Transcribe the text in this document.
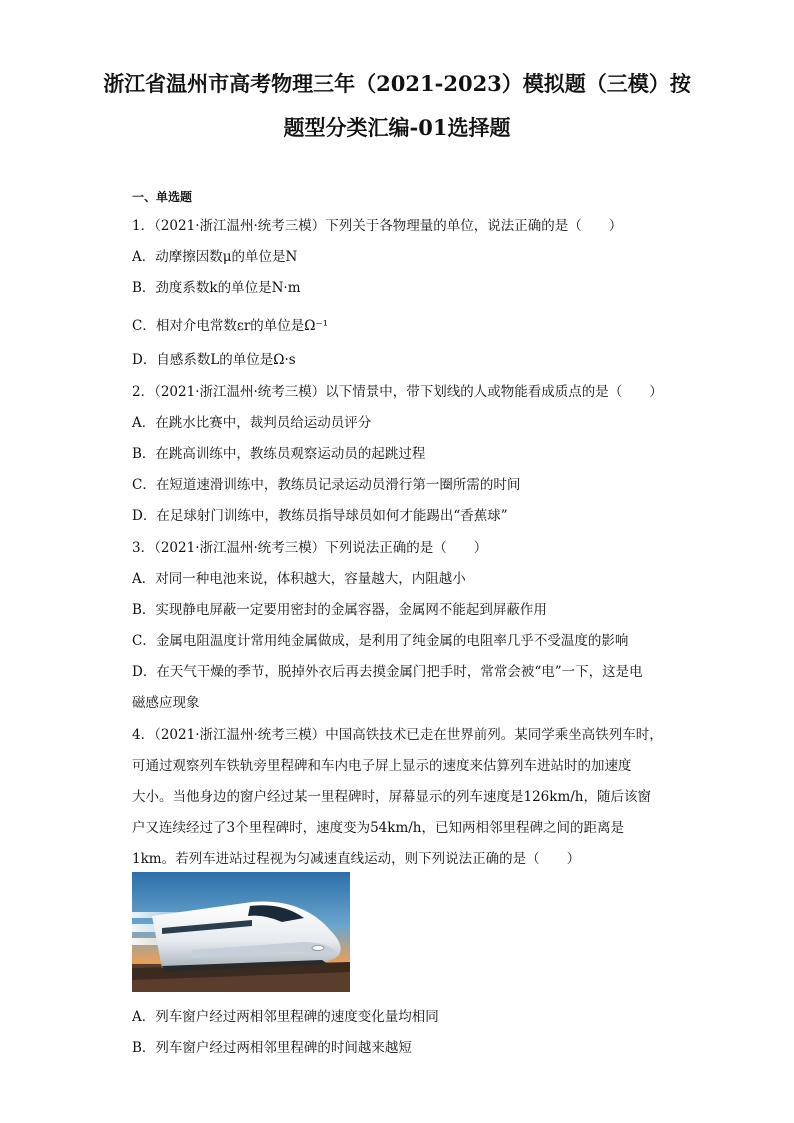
浙江省温州市高考物理三年（2021-2023）模拟题（三模）按
题型分类汇编-01选择题
一、单选题
1．（2021·浙江温州·统考三模）下列关于各物理量的单位，说法正确的是（　　）
A．动摩擦因数μ的单位是N
B．劲度系数k的单位是N·m
C．相对介电常数εr的单位是Ω⁻¹
D．自感系数L的单位是Ω·s
2．（2021·浙江温州·统考三模）以下情景中，带下划线的人或物能看成质点的是（　　）
A．在跳水比赛中，裁判员给运动员评分
B．在跳高训练中，教练员观察运动员的起跳过程
C．在短道速滑训练中，教练员记录运动员滑行第一圈所需的时间
D．在足球射门训练中，教练员指导球员如何才能踢出“香蕉球”
3．（2021·浙江温州·统考三模）下列说法正确的是（　　）
A．对同一种电池来说，体积越大，容量越大，内阻越小
B．实现静电屏蔽一定要用密封的金属容器，金属网不能起到屏蔽作用
C．金属电阻温度计常用纯金属做成，是利用了纯金属的电阻率几乎不受温度的影响
D．在天气干燥的季节，脱掉外衣后再去摸金属门把手时，常常会被“电”一下，这是电
磁感应现象
4．（2021·浙江温州·统考三模）中国高铁技术已走在世界前列。某同学乘坐高铁列车时，
可通过观察列车铁轨旁里程碑和车内电子屏上显示的速度来估算列车进站时的加速度
大小。当他身边的窗户经过某一里程碑时，屏幕显示的列车速度是126km/h，随后该窗
户又连续经过了3个里程碑时，速度变为54km/h，已知两相邻里程碑之间的距离是
1km。若列车进站过程视为匀减速直线运动，则下列说法正确的是（　　）
A．列车窗户经过两相邻里程碑的速度变化量均相同
B．列车窗户经过两相邻里程碑的时间越来越短
